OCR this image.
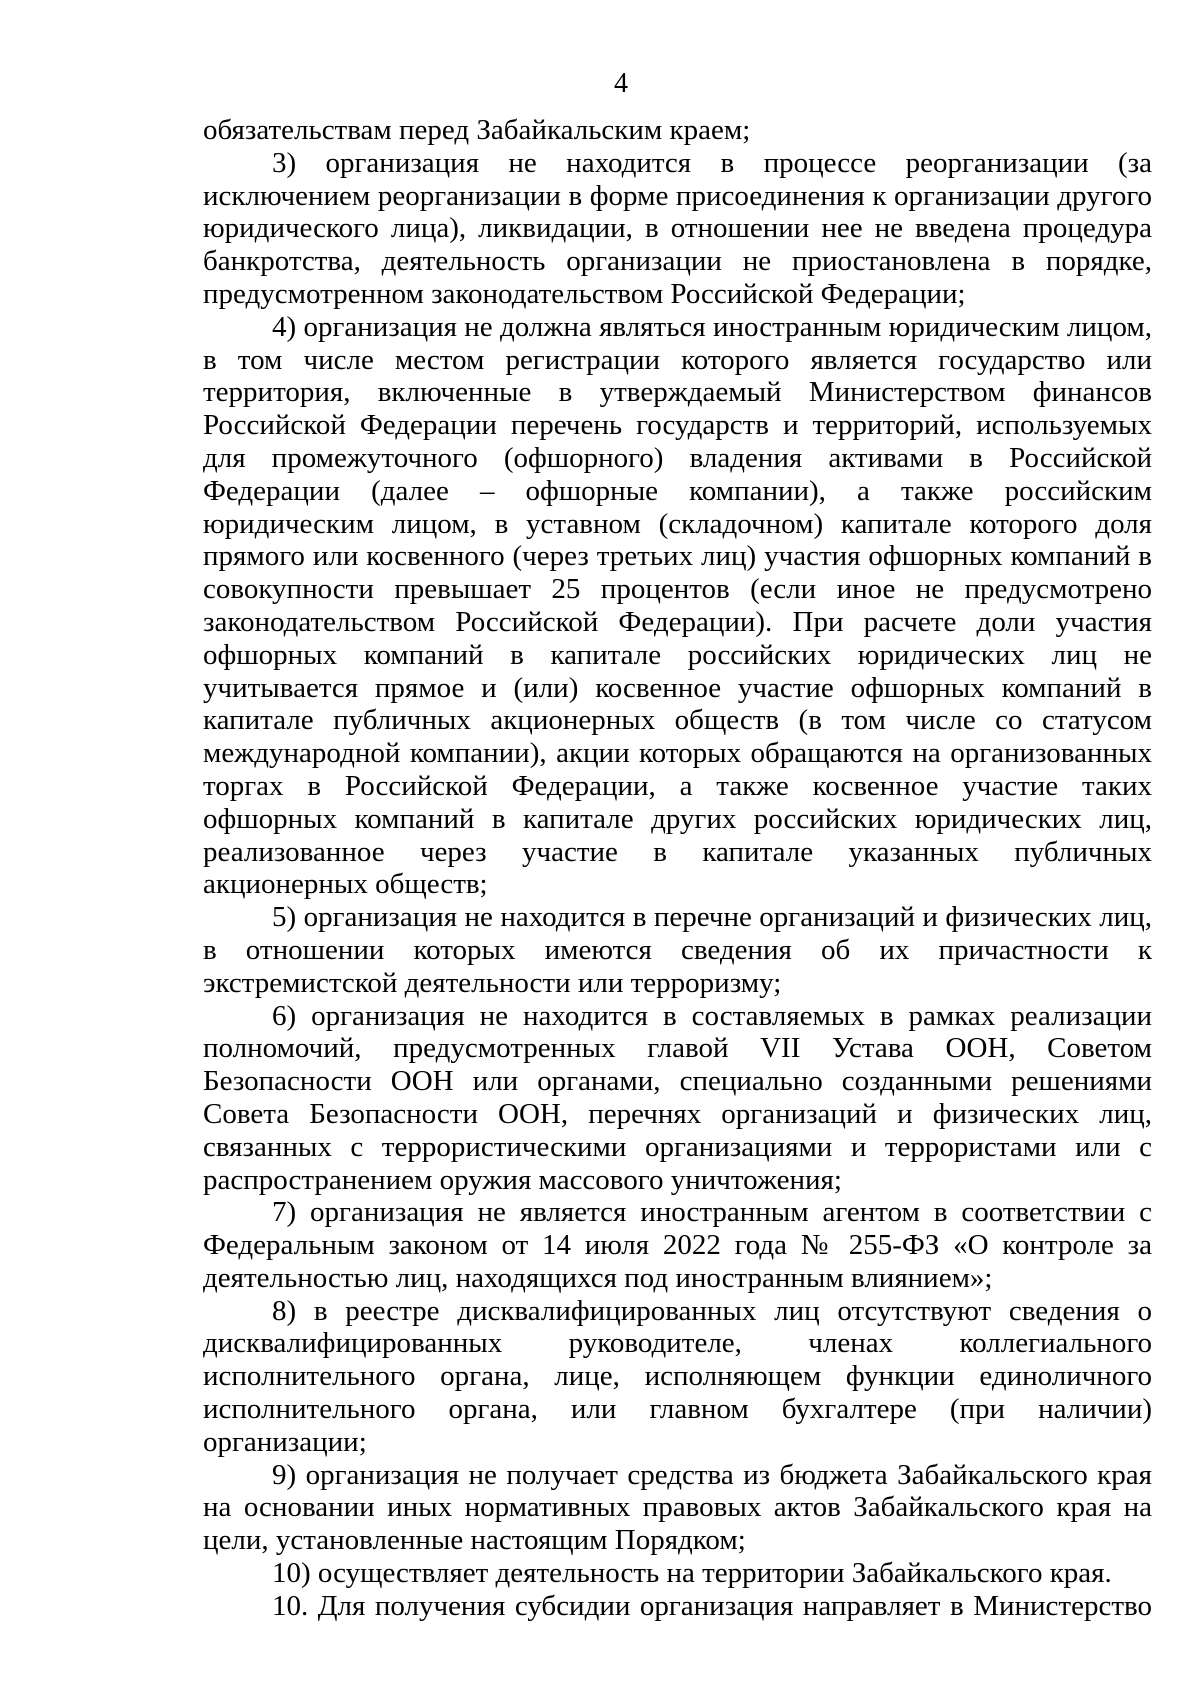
4

обязательствам перед Забайкальским краем;

3) организация не находится в процессе реорганизации (за исключением реорганизации в форме присоединения к организации другого юридического лица), ликвидации, в отношении нее не введена процедура банкротства, деятельность организации не приостановлена в порядке, предусмотренном законодательством Российской Федерации;

4) организация не должна являться иностранным юридическим лицом, в том числе местом регистрации которого является государство или территория, включенные в утверждаемый Министерством финансов Российской Федерации перечень государств и территорий, используемых для промежуточного (офшорного) владения активами в Российской Федерации (далее – офшорные компании), а также российским юридическим лицом, в уставном (складочном) капитале которого доля прямого или косвенного (через третьих лиц) участия офшорных компаний в совокупности превышает 25 процентов (если иное не предусмотрено законодательством Российской Федерации). При расчете доли участия офшорных компаний в капитале российских юридических лиц не учитывается прямое и (или) косвенное участие офшорных компаний в капитале публичных акционерных обществ (в том числе со статусом международной компании), акции которых обращаются на организованных торгах в Российской Федерации, а также косвенное участие таких офшорных компаний в капитале других российских юридических лиц, реализованное через участие в капитале указанных публичных акционерных обществ;

5) организация не находится в перечне организаций и физических лиц, в отношении которых имеются сведения об их причастности к экстремистской деятельности или терроризму;

6) организация не находится в составляемых в рамках реализации полномочий, предусмотренных главой VII Устава ООН, Советом Безопасности ООН или органами, специально созданными решениями Совета Безопасности ООН, перечнях организаций и физических лиц, связанных с террористическими организациями и террористами или с распространением оружия массового уничтожения;

7) организация не является иностранным агентом в соответствии с Федеральным законом от 14 июля 2022 года № 255-ФЗ «О контроле за деятельностью лиц, находящихся под иностранным влиянием»;

8) в реестре дисквалифицированных лиц отсутствуют сведения о дисквалифицированных руководителе, членах коллегиального исполнительного органа, лице, исполняющем функции единоличного исполнительного органа, или главном бухгалтере (при наличии) организации;

9) организация не получает средства из бюджета Забайкальского края на основании иных нормативных правовых актов Забайкальского края на цели, установленные настоящим Порядком;

10) осуществляет деятельность на территории Забайкальского края.

10. Для получения субсидии организация направляет в Министерство
